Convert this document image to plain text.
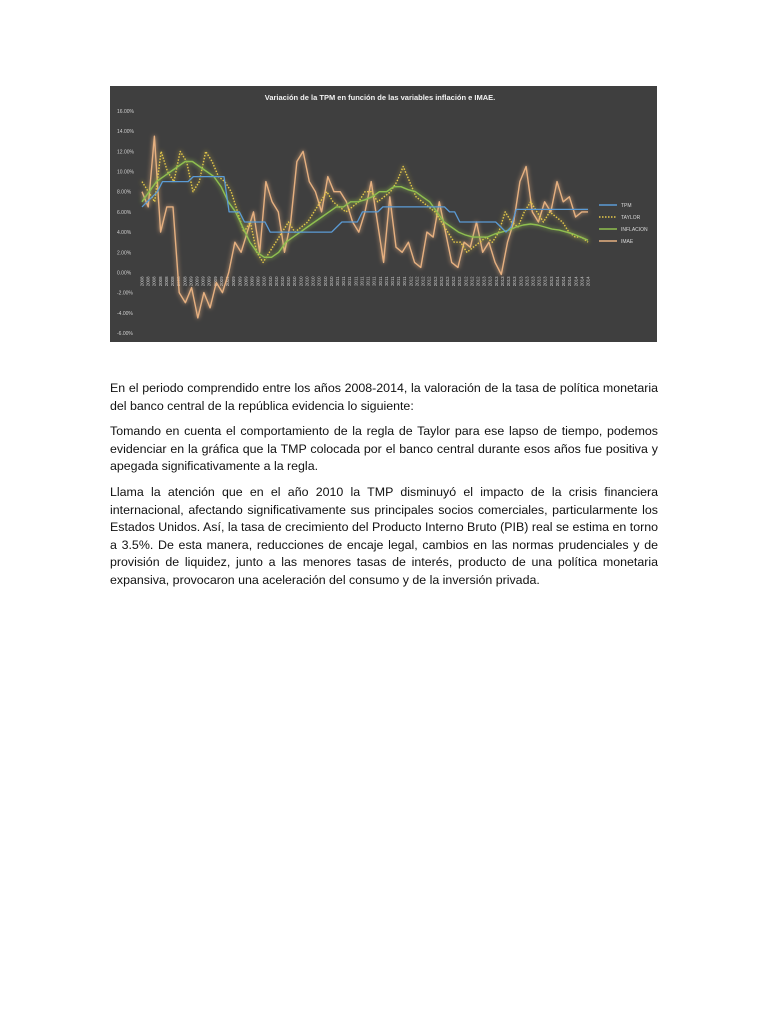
Variación de la TPM en función de las variables inflación e IMAE.
16.00%
14.00%
12.00%
10.00%
8.00%
6.00%
4.00%
2.00%
0.00%
-2.00%
-4.00%
-6.00%
2008 2008 2008 2008 2008 2008 2008 2008 2009 2009 2009 2009 2009 2009 2009 2009 2009 2009 2009 2009 2010 2010 2010 2010 2010 2010 2010 2010 2010 2010 2010 2010 2011 2011 2011 2011 2011 2011 2011 2011 2011 2011 2011 2011 2012 2012 2012 2012 2012 2012 2012 2012 2012 2012 2012 2012 2013 2013 2013 2013 2013 2013 2013 2013 2013 2013 2013 2013 2014 2014 2014 2014 2014 2014
TPM
TAYLOR
INFLACION
IMAE

En el periodo comprendido entre los años 2008-2014, la valoración de la tasa de política monetaria del banco central de la república evidencia lo siguiente:

Tomando en cuenta el comportamiento de la regla de Taylor para ese lapso de tiempo, podemos evidenciar en la gráfica que la TMP colocada por el banco central durante esos años fue positiva y apegada significativamente a la regla.

Llama la atención que en el año 2010 la TMP disminuyó el impacto de la crisis financiera internacional, afectando significativamente sus principales socios comerciales, particularmente los Estados Unidos. Así, la tasa de crecimiento del Producto Interno Bruto (PIB) real se estima en torno a 3.5%. De esta manera, reducciones de encaje legal, cambios en las normas prudenciales y de provisión de liquidez, junto a las menores tasas de interés, producto de una política monetaria expansiva, provocaron una aceleración del consumo y de la inversión privada.
